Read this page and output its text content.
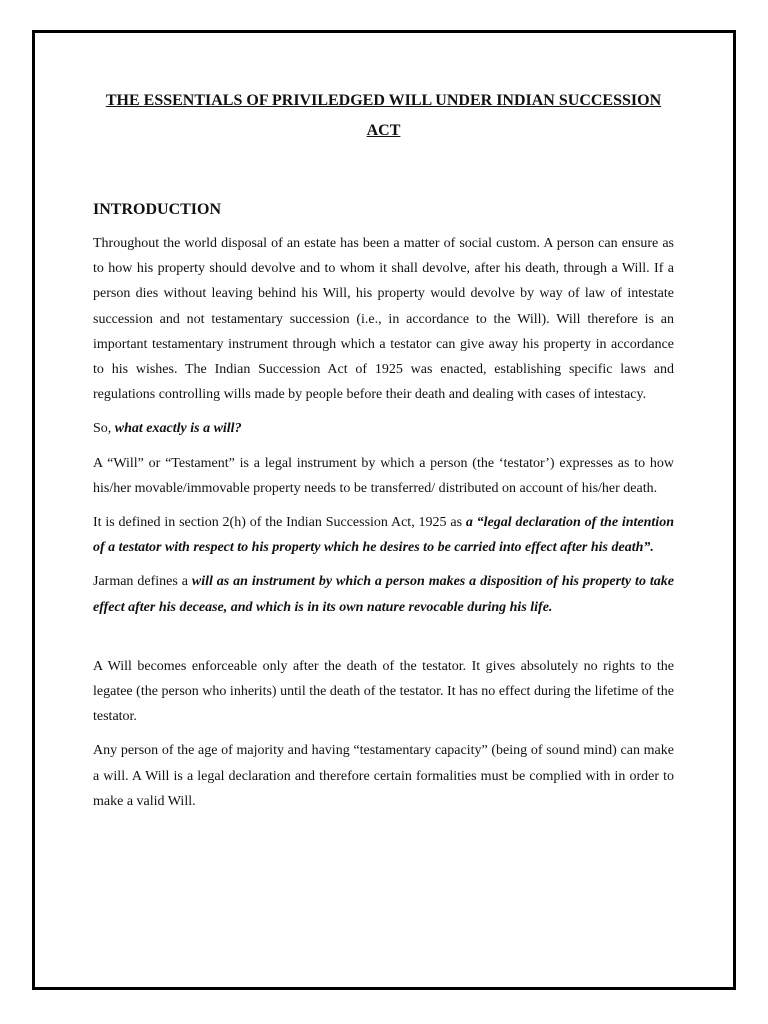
THE ESSENTIALS OF PRIVILEDGED WILL UNDER INDIAN SUCCESSION ACT
INTRODUCTION

Throughout the world disposal of an estate has been a matter of social custom. A person can ensure as to how his property should devolve and to whom it shall devolve, after his death, through a Will. If a person dies without leaving behind his Will, his property would devolve by way of law of intestate succession and not testamentary succession (i.e., in accordance to the Will). Will therefore is an important testamentary instrument through which a testator can give away his property in accordance to his wishes. The Indian Succession Act of 1925 was enacted, establishing specific laws and regulations controlling wills made by people before their death and dealing with cases of intestacy.

So, what exactly is a will?

A “Will” or “Testament” is a legal instrument by which a person (the ‘testator’) expresses as to how his/her movable/immovable property needs to be transferred/ distributed on account of his/her death.

It is defined in section 2(h) of the Indian Succession Act, 1925 as a “legal declaration of the intention of a testator with respect to his property which he desires to be carried into effect after his death”.

Jarman defines a will as an instrument by which a person makes a disposition of his property to take effect after his decease, and which is in its own nature revocable during his life.

A Will becomes enforceable only after the death of the testator. It gives absolutely no rights to the legatee (the person who inherits) until the death of the testator. It has no effect during the lifetime of the testator.

Any person of the age of majority and having “testamentary capacity” (being of sound mind) can make a will. A Will is a legal declaration and therefore certain formalities must be complied with in order to make a valid Will.
